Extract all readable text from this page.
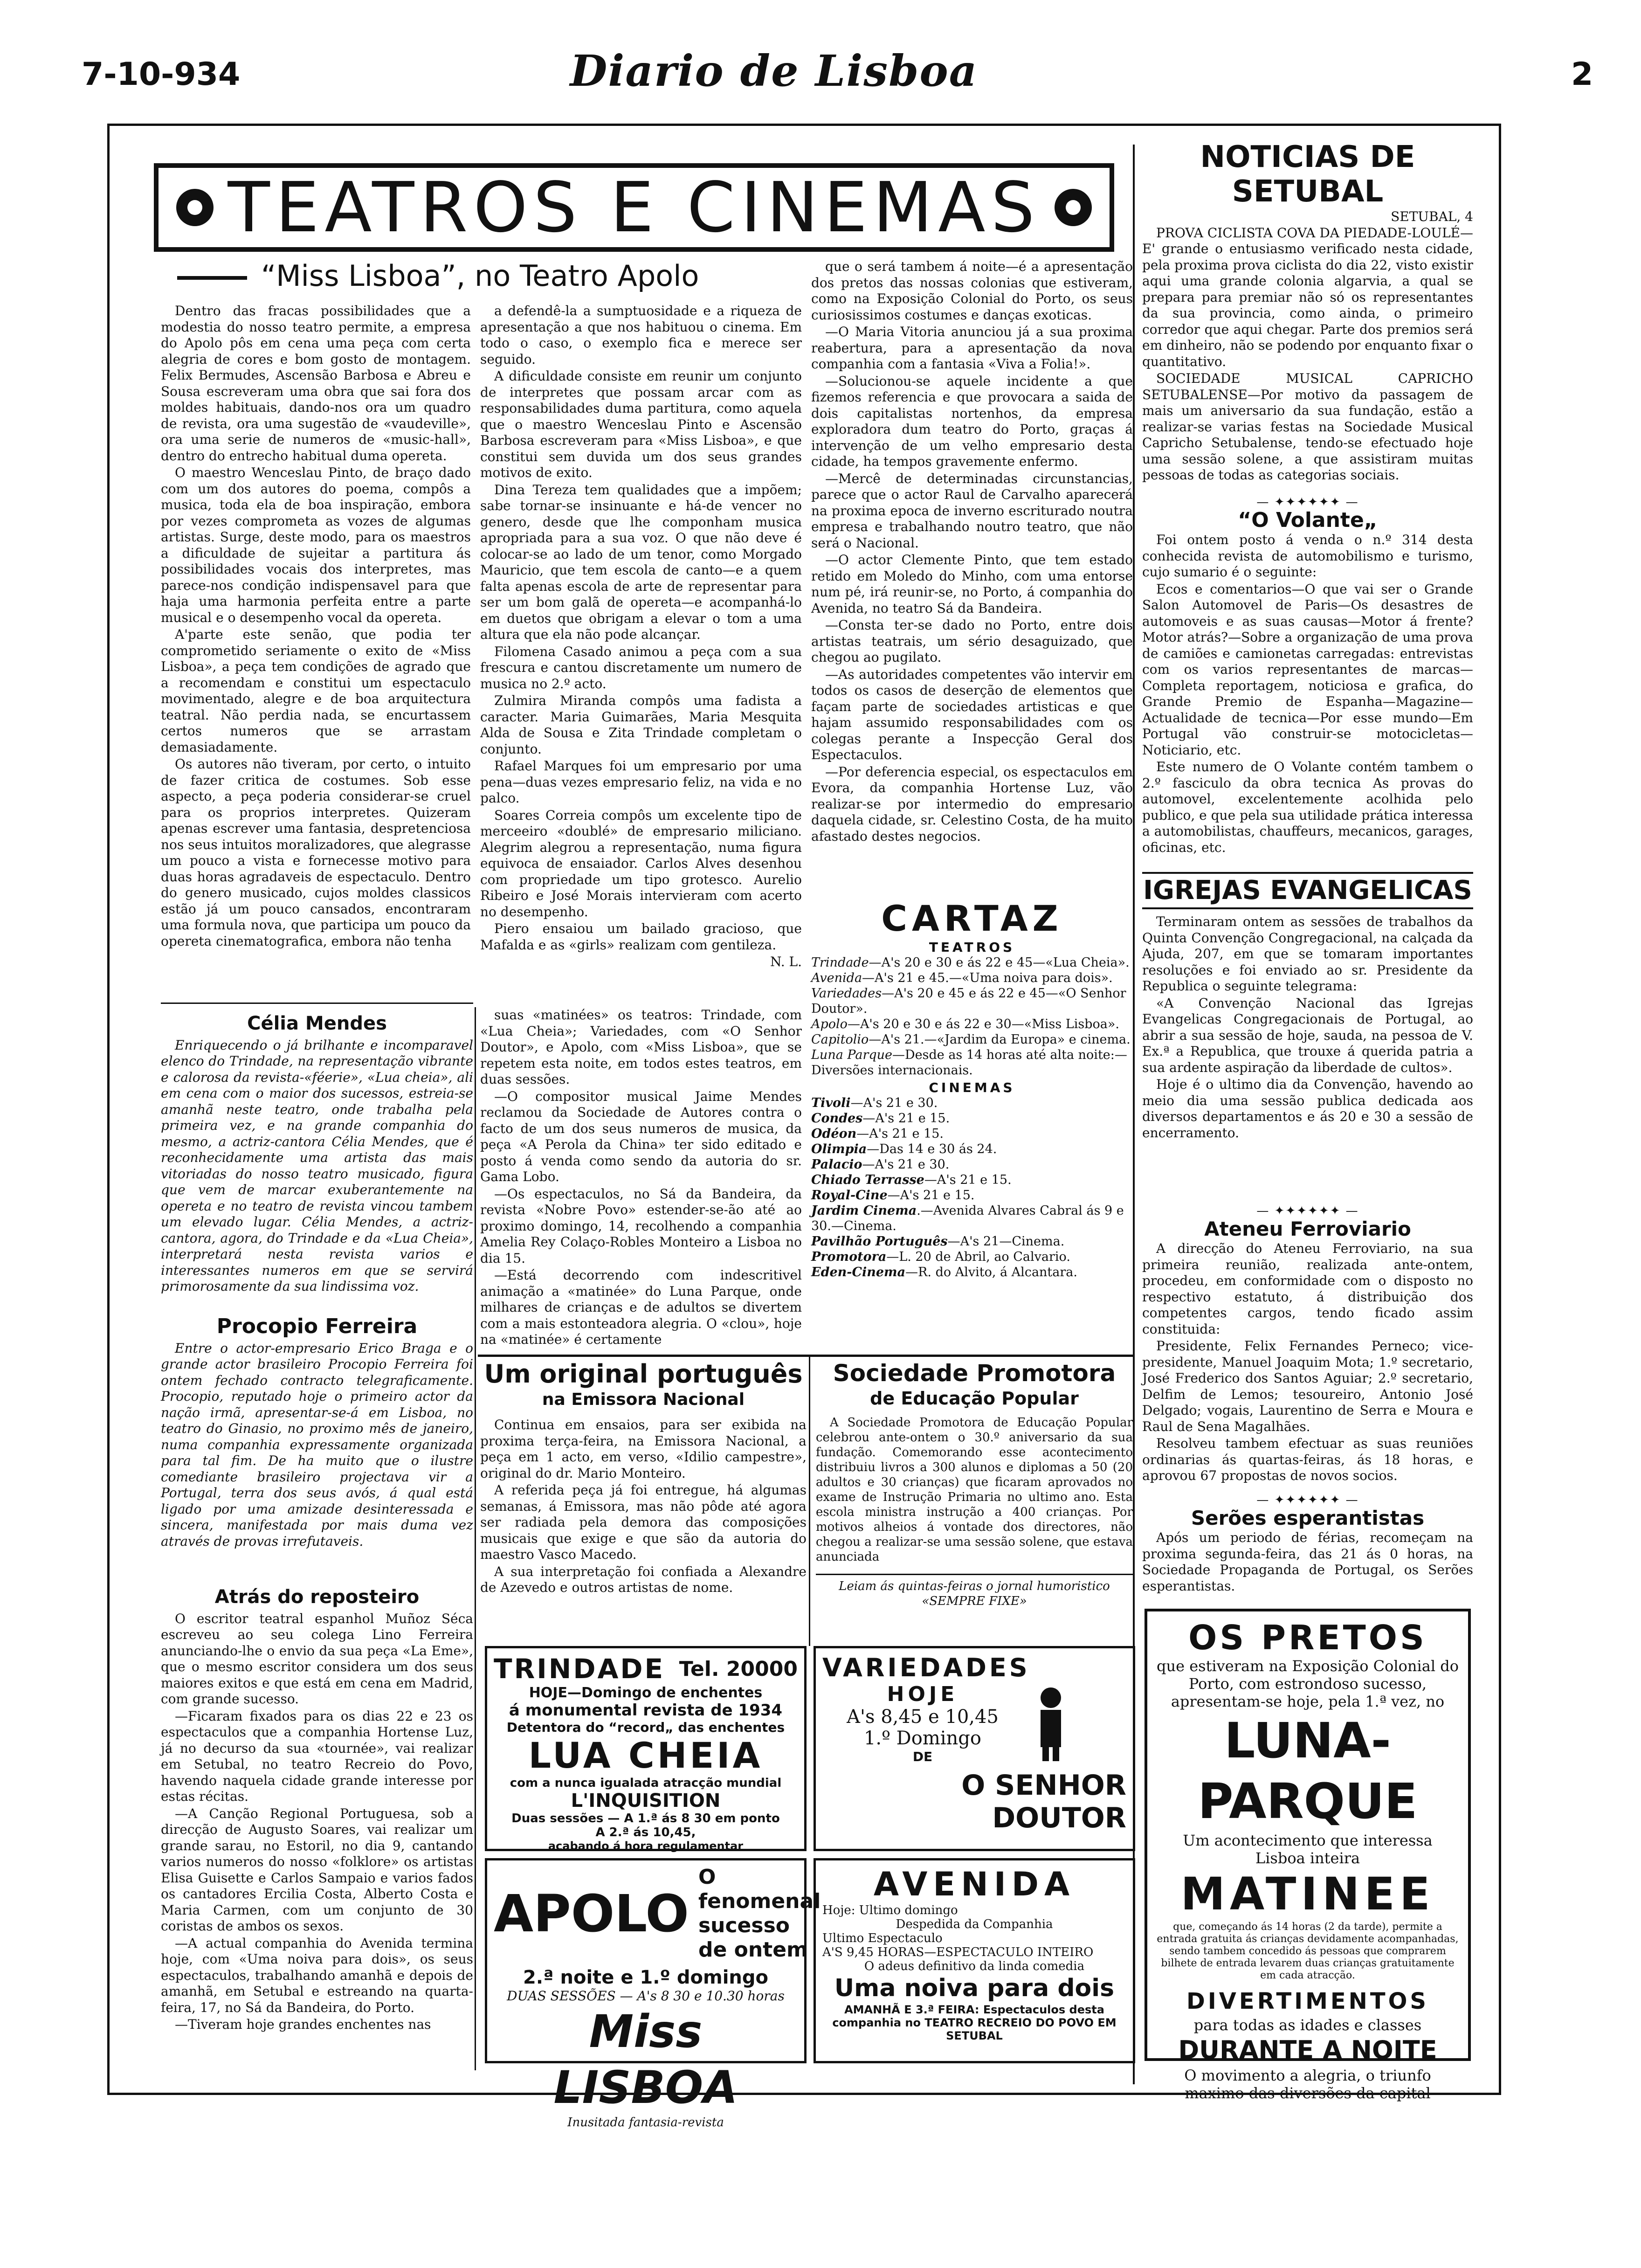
7-10-934	Diario de Lisboa	2
TEATROS E CINEMAS
“Miss Lisboa”, no Teatro Apolo

Dentro das fracas possibilidades que a modestia do nosso teatro permite, a empresa do Apolo pôs em cena uma peça com certa alegria de cores e bom gosto de montagem. Felix Bermudes, Ascensão Barbosa e Abreu e Sousa escreveram uma obra que sai fora dos moldes habituais, dando-nos ora um quadro de revista, ora uma sugestão de «vaudeville», ora uma serie de numeros de «music-hall», dentro do entrecho habitual duma opereta.

O maestro Wenceslau Pinto, de braço dado com um dos autores do poema, compôs a musica, toda ela de boa inspiração, embora por vezes comprometa as vozes de algumas artistas. Surge, deste modo, para os maestros a dificuldade de sujeitar a partitura ás possibilidades vocais dos interpretes, mas parece-nos condição indispensavel para que haja uma harmonia perfeita entre a parte musical e o desempenho vocal da opereta.

A'parte este senão, que podia ter comprometido seriamente o exito de «Miss Lisboa», a peça tem condições de agrado que a recomendam e constitui um espectaculo movimentado, alegre e de boa arquitectura teatral. Não perdia nada, se encurtassem certos numeros que se arrastam demasiadamente.

Os autores não tiveram, por certo, o intuito de fazer critica de costumes. Sob esse aspecto, a peça poderia considerar-se cruel para os proprios interpretes. Quizeram apenas escrever uma fantasia, despretenciosa nos seus intuitos moralizadores, que alegrasse um pouco a vista e fornecesse motivo para duas horas agradaveis de espectaculo. Dentro do genero musicado, cujos moldes classicos estão já um pouco cansados, encontraram uma formula nova, que participa um pouco da opereta cinematografica, embora não tenha

a defendê-la a sumptuosidade e a riqueza de apresentação a que nos habituou o cinema. Em todo o caso, o exemplo fica e merece ser seguido.

A dificuldade consiste em reunir um conjunto de interpretes que possam arcar com as responsabilidades duma partitura, como aquela que o maestro Wenceslau Pinto e Ascensão Barbosa escreveram para «Miss Lisboa», e que constitui sem duvida um dos seus grandes motivos de exito.

Dina Tereza tem qualidades que a impõem; sabe tornar-se insinuante e há-de vencer no genero, desde que lhe componham musica apropriada para a sua voz. O que não deve é colocar-se ao lado de um tenor, como Morgado Mauricio, que tem escola de canto—e a quem falta apenas escola de arte de representar para ser um bom galã de opereta—e acompanhá-lo em duetos que obrigam a elevar o tom a uma altura que ela não pode alcançar.

Filomena Casado animou a peça com a sua frescura e cantou discretamente um numero de musica no 2.º acto.

Zulmira Miranda compôs uma fadista a caracter. Maria Guimarães, Maria Mesquita Alda de Sousa e Zita Trindade completam o conjunto.

Rafael Marques foi um empresario por uma pena—duas vezes empresario feliz, na vida e no palco.

Soares Correia compôs um excelente tipo de merceeiro «doublé» de empresario miliciano. Alegrim alegrou a representação, numa figura equivoca de ensaiador. Carlos Alves desenhou com propriedade um tipo grotesco. Aurelio Ribeiro e José Morais intervieram com acerto no desempenho.

Piero ensaiou um bailado gracioso, que Mafalda e as «girls» realizam com gentileza.

N. L.

que o será tambem á noite—é a apresentação dos pretos das nossas colonias que estiveram, como na Exposição Colonial do Porto, os seus curiosissimos costumes e danças exoticas.

—O Maria Vitoria anunciou já a sua proxima reabertura, para a apresentação da nova companhia com a fantasia «Viva a Folia!».

—Solucionou-se aquele incidente a que fizemos referencia e que provocara a saida de dois capitalistas nortenhos, da empresa exploradora dum teatro do Porto, graças á intervenção de um velho empresario desta cidade, ha tempos gravemente enfermo.

—Mercê de determinadas circunstancias, parece que o actor Raul de Carvalho aparecerá na proxima epoca de inverno escriturado noutra empresa e trabalhando noutro teatro, que não será o Nacional.

—O actor Clemente Pinto, que tem estado retido em Moledo do Minho, com uma entorse num pé, irá reunir-se, no Porto, á companhia do Avenida, no teatro Sá da Bandeira.

—Consta ter-se dado no Porto, entre dois artistas teatrais, um sério desaguizado, que chegou ao pugilato.

—As autoridades competentes vão intervir em todos os casos de deserção de elementos que façam parte de sociedades artisticas e que hajam assumido responsabilidades com os colegas perante a Inspecção Geral dos Espectaculos.

—Por deferencia especial, os espectaculos em Evora, da companhia Hortense Luz, vão realizar-se por intermedio do empresario daquela cidade, sr. Celestino Costa, de ha muito afastado destes negocios.

CARTAZ
TEATROS
Trindade—A's 20 e 30 e ás 22 e 45—«Lua Cheia».
Avenida—A's 21 e 45.—«Uma noiva para dois».
Variedades—A's 20 e 45 e ás 22 e 45—«O Senhor Doutor».
Apolo—A's 20 e 30 e ás 22 e 30—«Miss Lisboa».
Capitolio—A's 21.—«Jardim da Europa» e cinema.
Luna Parque—Desde as 14 horas até alta noite:—Diversões internacionais.
CINEMAS
Tivoli—A's 21 e 30.
Condes—A's 21 e 15.
Odéon—A's 21 e 15.
Olimpia—Das 14 e 30 ás 24.
Palacio—A's 21 e 30.
Chiado Terrasse—A's 21 e 15.
Royal-Cine—A's 21 e 15.
Jardim Cinema.—Avenida Alvares Cabral ás 9 e 30.—Cinema.
Pavilhão Português—A's 21—Cinema.
Promotora—L. 20 de Abril, ao Calvario.
Eden-Cinema—R. do Alvito, á Alcantara.
Célia Mendes

Enriquecendo o já brilhante e incomparavel elenco do Trindade, na representação vibrante e calorosa da revista-«féerie», «Lua cheia», ali em cena com o maior dos sucessos, estreia-se amanhã neste teatro, onde trabalha pela primeira vez, e na grande companhia do mesmo, a actriz-cantora Célia Mendes, que é reconhecidamente uma artista das mais vitoriadas do nosso teatro musicado, figura que vem de marcar exuberantemente na opereta e no teatro de revista vincou tambem um elevado lugar. Célia Mendes, a actriz-cantora, agora, do Trindade e da «Lua Cheia», interpretará nesta revista varios e interessantes numeros em que se servirá primorosamente da sua lindissima voz.

Procopio Ferreira

Entre o actor-empresario Erico Braga e o grande actor brasileiro Procopio Ferreira foi ontem fechado contracto telegraficamente. Procopio, reputado hoje o primeiro actor da nação irmã, apresentar-se-á em Lisboa, no teatro do Ginasio, no proximo mês de janeiro, numa companhia expressamente organizada para tal fim. De ha muito que o ilustre comediante brasileiro projectava vir a Portugal, terra dos seus avós, á qual está ligado por uma amizade desinteressada e sincera, manifestada por mais duma vez através de provas irrefutaveis.

Atrás do reposteiro

O escritor teatral espanhol Muñoz Séca escreveu ao seu colega Lino Ferreira anunciando-lhe o envio da sua peça «La Eme», que o mesmo escritor considera um dos seus maiores exitos e que está em cena em Madrid, com grande sucesso.

—Ficaram fixados para os dias 22 e 23 os espectaculos que a companhia Hortense Luz, já no decurso da sua «tournée», vai realizar em Setubal, no teatro Recreio do Povo, havendo naquela cidade grande interesse por estas récitas.

—A Canção Regional Portuguesa, sob a direcção de Augusto Soares, vai realizar um grande sarau, no Estoril, no dia 9, cantando varios numeros do nosso «folklore» os artistas Elisa Guisette e Carlos Sampaio e varios fados os cantadores Ercilia Costa, Alberto Costa e Maria Carmen, com um conjunto de 30 coristas de ambos os sexos.

—A actual companhia do Avenida termina hoje, com «Uma noiva para dois», os seus espectaculos, trabalhando amanhã e depois de amanhã, em Setubal e estreando na quarta-feira, 17, no Sá da Bandeira, do Porto.

—Tiveram hoje grandes enchentes nas

suas «matinées» os teatros: Trindade, com «Lua Cheia»; Variedades, com «O Senhor Doutor», e Apolo, com «Miss Lisboa», que se repetem esta noite, em todos estes teatros, em duas sessões.

—O compositor musical Jaime Mendes reclamou da Sociedade de Autores contra o facto de um dos seus numeros de musica, da peça «A Perola da China» ter sido editado e posto á venda como sendo da autoria do sr. Gama Lobo.

—Os espectaculos, no Sá da Bandeira, da revista «Nobre Povo» estender-se-ão até ao proximo domingo, 14, recolhendo a companhia Amelia Rey Colaço-Robles Monteiro a Lisboa no dia 15.

—Está decorrendo com indescritivel animação a «matinée» do Luna Parque, onde milhares de crianças e de adultos se divertem com a mais estonteadora alegria. O «clou», hoje na «matinée» é certamente

Um original português
na Emissora Nacional

Continua em ensaios, para ser exibida na proxima terça-feira, na Emissora Nacional, a peça em 1 acto, em verso, «Idilio campestre», original do dr. Mario Monteiro.

A referida peça já foi entregue, há algumas semanas, á Emissora, mas não pôde até agora ser radiada pela demora das composições musicais que exige e que são da autoria do maestro Vasco Macedo.

A sua interpretação foi confiada a Alexandre de Azevedo e outros artistas de nome.

Sociedade Promotora
de Educação Popular

A Sociedade Promotora de Educação Popular celebrou ante-ontem o 30.º aniversario da sua fundação. Comemorando esse acontecimento distribuiu livros a 300 alunos e diplomas a 50 (20 adultos e 30 crianças) que ficaram aprovados no exame de Instrução Primaria no ultimo ano. Esta escola ministra instrução a 400 crianças. Por motivos alheios á vontade dos directores, não chegou a realizar-se uma sessão solene, que estava anunciada

Leiam ás quintas-feiras o jornal humoristico «SEMPRE FIXE»
TRINDADE Tel. 20000
HOJE—Domingo de enchentes
á monumental revista de 1934
Detentora do “record„ das enchentes
LUA CHEIA
com a nunca igualada atracção mundial
L'INQUISITION
Duas sessões — A 1.ª ás 8 30 em ponto
A 2.ª ás 10,45,
acabando á hora regulamentar
VARIEDADES
HOJE
A's 8,45 e 10,45
1.º Domingo
DE
O SENHOR DOUTOR
APOLO
O fenomenal sucesso de ontem
2.ª noite e 1.º domingo
DUAS SESSÕES — A's 8 30 e 10.30 horas
Miss LISBOA
Inusitada fantasia-revista
AVENIDA
Hoje: Ultimo domingo
Despedida da Companhia
Ultimo Espectaculo
A'S 9,45 HORAS—ESPECTACULO INTEIRO
O adeus definitivo da linda comedia
Uma noiva para dois
AMANHÃ E 3.ª FEIRA: Espectaculos desta companhia no TEATRO RECREIO DO POVO EM SETUBAL
NOTICIAS DE SETUBAL
SETUBAL, 4

PROVA CICLISTA COVA DA PIEDADE-LOULÉ—E' grande o entusiasmo verificado nesta cidade, pela proxima prova ciclista do dia 22, visto existir aqui uma grande colonia algarvia, a qual se prepara para premiar não só os representantes da sua provincia, como ainda, o primeiro corredor que aqui chegar. Parte dos premios será em dinheiro, não se podendo por enquanto fixar o quantitativo.

SOCIEDADE MUSICAL CAPRICHO SETUBALENSE—Por motivo da passagem de mais um aniversario da sua fundação, estão a realizar-se varias festas na Sociedade Musical Capricho Setubalense, tendo-se efectuado hoje uma sessão solene, a que assistiram muitas pessoas de todas as categorias sociais.

— ✦✦✦✦✦✦ —
“O Volante„

Foi ontem posto á venda o n.º 314 desta conhecida revista de automobilismo e turismo, cujo sumario é o seguinte:

Ecos e comentarios—O que vai ser o Grande Salon Automovel de Paris—Os desastres de automoveis e as suas causas—Motor á frente? Motor atrás?—Sobre a organização de uma prova de camiões e camionetas carregadas: entrevistas com os varios representantes de marcas—Completa reportagem, noticiosa e grafica, do Grande Premio de Espanha—Magazine—Actualidade de tecnica—Por esse mundo—Em Portugal vão construir-se motocicletas—Noticiario, etc.

Este numero de O Volante contém tambem o 2.º fasciculo da obra tecnica As provas do automovel, excelentemente acolhida pelo publico, e que pela sua utilidade prática interessa a automobilistas, chauffeurs, mecanicos, garages, oficinas, etc.

IGREJAS EVANGELICAS

Terminaram ontem as sessões de trabalhos da Quinta Convenção Congregacional, na calçada da Ajuda, 207, em que se tomaram importantes resoluções e foi enviado ao sr. Presidente da Republica o seguinte telegrama:

«A Convenção Nacional das Igrejas Evangelicas Congregacionais de Portugal, ao abrir a sua sessão de hoje, sauda, na pessoa de V. Ex.ª a Republica, que trouxe á querida patria a sua ardente aspiração da liberdade de cultos».

Hoje é o ultimo dia da Convenção, havendo ao meio dia uma sessão publica dedicada aos diversos departamentos e ás 20 e 30 a sessão de encerramento.

— ✦✦✦✦✦✦ —
Ateneu Ferroviario

A direcção do Ateneu Ferroviario, na sua primeira reunião, realizada ante-ontem, procedeu, em conformidade com o disposto no respectivo estatuto, á distribuição dos competentes cargos, tendo ficado assim constituida:

Presidente, Felix Fernandes Perneco; vice-presidente, Manuel Joaquim Mota; 1.º secretario, José Frederico dos Santos Aguiar; 2.º secretario, Delfim de Lemos; tesoureiro, Antonio José Delgado; vogais, Laurentino de Serra e Moura e Raul de Sena Magalhães.

Resolveu tambem efectuar as suas reuniões ordinarias ás quartas-feiras, ás 18 horas, e aprovou 67 propostas de novos socios.

— ✦✦✦✦✦✦ —
Serões esperantistas

Após um periodo de férias, recomeçam na proxima segunda-feira, das 21 ás 0 horas, na Sociedade Propaganda de Portugal, os Serões esperantistas.

OS PRETOS
que estiveram na Exposição Colonial do Porto, com estrondoso sucesso, apresentam-se hoje, pela 1.ª vez, no
LUNA-PARQUE
Um acontecimento que interessa Lisboa inteira
MATINEE
que, começando ás 14 horas (2 da tarde), permite a entrada gratuita ás crianças devidamente acompanhadas, sendo tambem concedido ás pessoas que comprarem bilhete de entrada levarem duas crianças gratuitamente em cada atracção.
DIVERTIMENTOS
para todas as idades e classes
DURANTE A NOITE
O movimento a alegria, o triunfo maximo das diversões da capital
